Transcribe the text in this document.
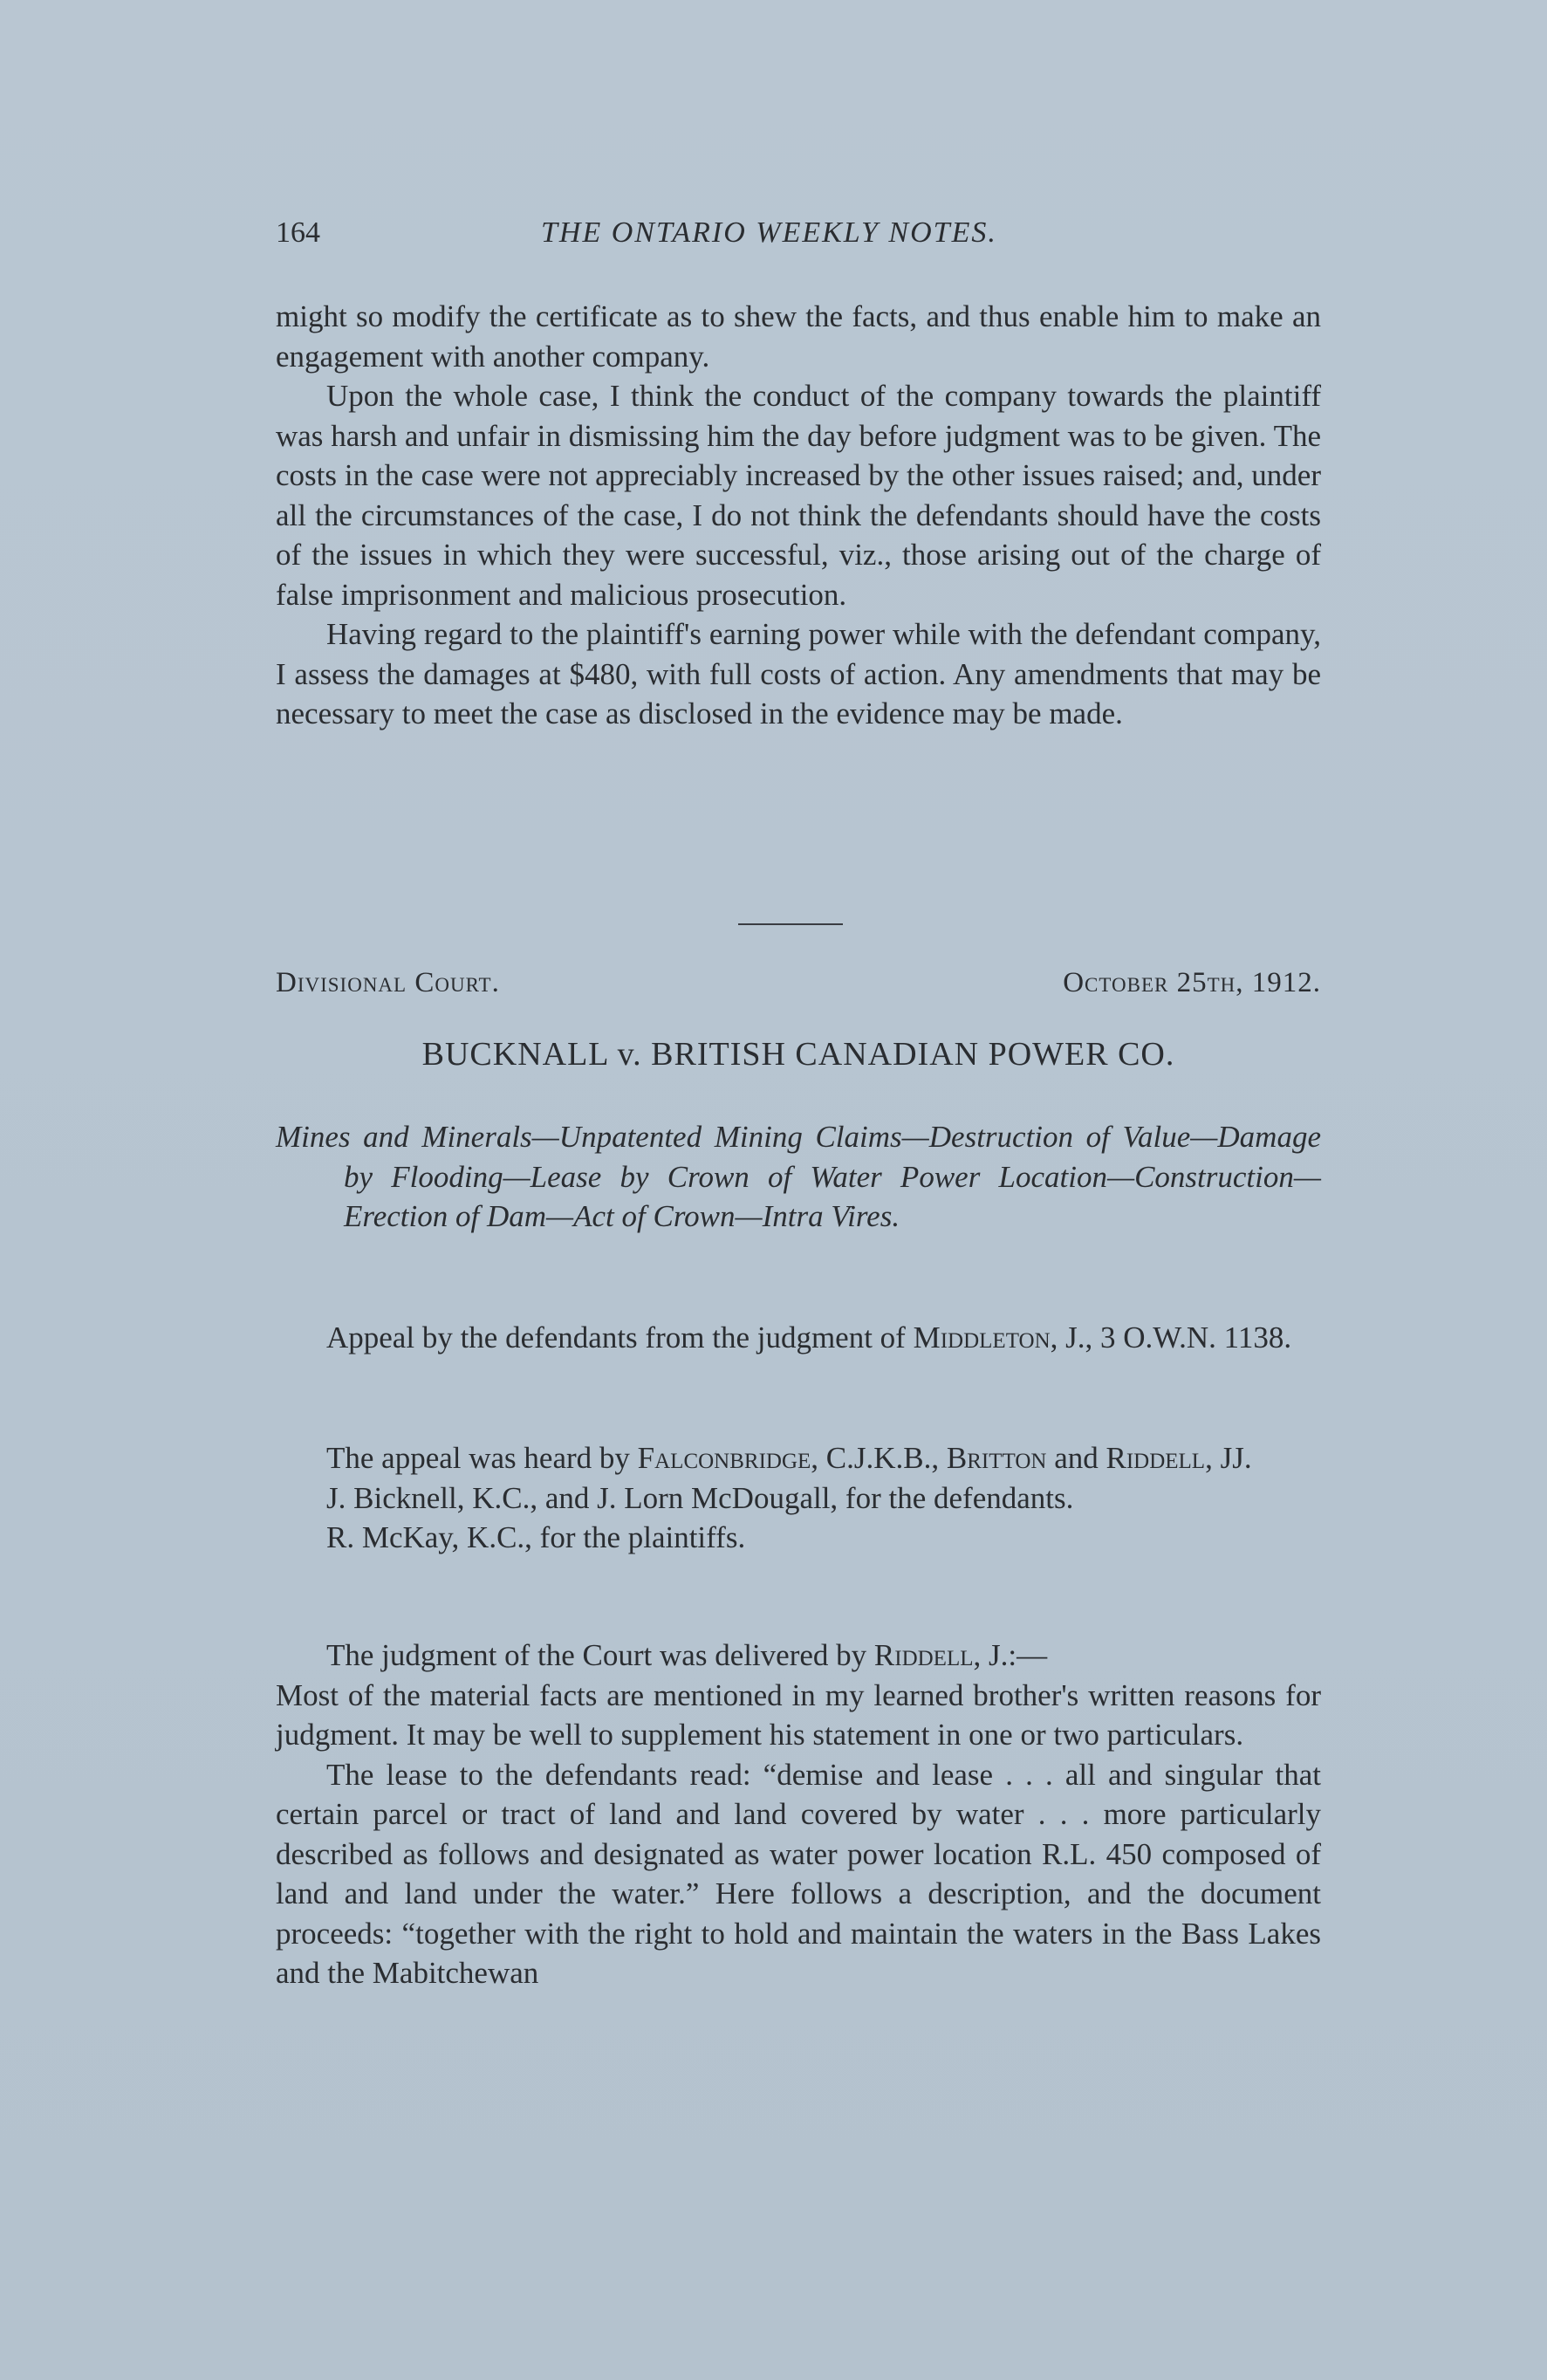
164	THE ONTARIO WEEKLY NOTES.

might so modify the certificate as to shew the facts, and thus enable him to make an engagement with another company.

Upon the whole case, I think the conduct of the company towards the plaintiff was harsh and unfair in dismissing him the day before judgment was to be given. The costs in the case were not appreciably increased by the other issues raised; and, under all the circumstances of the case, I do not think the defendants should have the costs of the issues in which they were successful, viz., those arising out of the charge of false imprisonment and malicious prosecution.

Having regard to the plaintiff's earning power while with the defendant company, I assess the damages at $480, with full costs of action. Any amendments that may be necessary to meet the case as disclosed in the evidence may be made.

Divisional Court.	October 25th, 1912.
BUCKNALL v. BRITISH CANADIAN POWER CO.

Mines and Minerals—Unpatented Mining Claims—Destruction of Value—Damage by Flooding—Lease by Crown of Water Power Location—Construction—Erection of Dam—Act of Crown—Intra Vires.

Appeal by the defendants from the judgment of Middleton, J., 3 O.W.N. 1138.

The appeal was heard by Falconbridge, C.J.K.B., Britton and Riddell, JJ.

J. Bicknell, K.C., and J. Lorn McDougall, for the defendants.

R. McKay, K.C., for the plaintiffs.

The judgment of the Court was delivered by Riddell, J.:—

Most of the material facts are mentioned in my learned brother's written reasons for judgment. It may be well to supplement his statement in one or two particulars.

The lease to the defendants read: “demise and lease . . . all and singular that certain parcel or tract of land and land covered by water . . . more particularly described as follows and designated as water power location R.L. 450 composed of land and land under the water.” Here follows a description, and the document proceeds: “together with the right to hold and maintain the waters in the Bass Lakes and the Mabitchewan
